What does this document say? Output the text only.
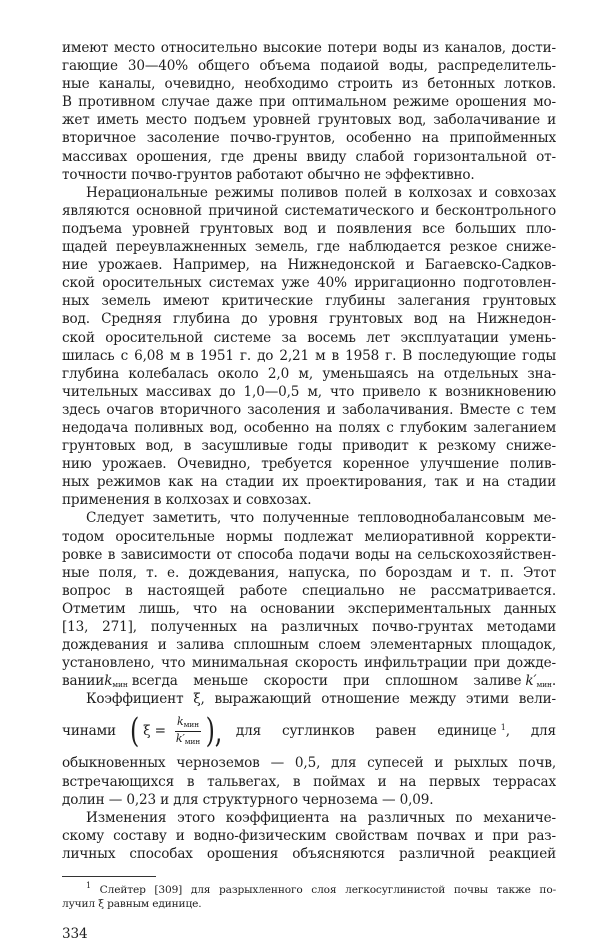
имеют место относительно высокие потери воды из каналов, дости-
гающие 30—40% общего объема подаиой воды, распределитель-
ные каналы, очевидно, необходимо строить из бетонных лотков.
В противном случае даже при оптимальном режиме орошения мо-
жет иметь место подъем уровней грунтовых вод, заболачивание и
вторичное засоление почво-грунтов, особенно на припойменных
массивах орошения, где дрены ввиду слабой горизонтальной от-
точности почво-грунтов работают обычно не эффективно.
Нерациональные режимы поливов полей в колхозах и совхозах
являются основной причиной систематического и бесконтрольного
подъема уровней грунтовых вод и появления все больших пло-
щадей переувлажненных земель, где наблюдается резкое сниже-
ние урожаев. Например, на Нижнедонской и Багаевско-Садков-
ской оросительных системах уже 40% ирригационно подготовлен-
ных земель имеют критические глубины залегания грунтовых
вод. Средняя глубина до уровня грунтовых вод на Нижнедон-
ской оросительной системе за восемь лет эксплуатации умень-
шилась с 6,08 м в 1951 г. до 2,21 м в 1958 г. В последующие годы
глубина колебалась около 2,0 м, уменьшаясь на отдельных зна-
чительных массивах до 1,0—0,5 м, что привело к возникновению
здесь очагов вторичного засоления и заболачивания. Вместе с тем
недодача поливных вод, особенно на полях с глубоким залеганием
грунтовых вод, в засушливые годы приводит к резкому сниже-
нию урожаев. Очевидно, требуется коренное улучшение полив-
ных режимов как на стадии их проектирования, так и на стадии
применения в колхозах и совхозах.
Следует заметить, что полученные тепловоднобалансовым ме-
тодом оросительные нормы подлежат мелиоративной корректи-
ровке в зависимости от способа подачи воды на сельскохозяйствен-
ные поля, т. е. дождевания, напуска, по бороздам и т. п. Этот
вопрос в настоящей работе специально не рассматривается.
Отметим лишь, что на основании экспериментальных данных
[13, 271], полученных на различных почво-грунтах методами
дождевания и залива сплошным слоем элементарных площадок,
установлено, что минимальная скорость инфильтрации при дожде-
вании $k_{мин}$ всегда меньше скорости при сплошном заливе $k'_{мин}$.
Коэффициент ξ, выражающий отношение между этими вели-
чинами ( $\xi = \frac{k_{мин}}{k'_{мин}}$ ), для суглинков равен единице $^1$, для
обыкновенных черноземов — 0,5, для супесей и рыхлых почв,
встречающихся в тальвегах, в поймах и на первых террасах
долин — 0,23 и для структурного чернозема — 0,09.
Изменения этого коэффициента на различных по механиче-
скому составу и водно-физическим свойствам почвах и при раз-
личных способах орошения объясняются различной реакцией
$^1$ Слейтер [309] для разрыхленного слоя легкосуглинистой почвы также по-
лучил ξ равным единице.
334
